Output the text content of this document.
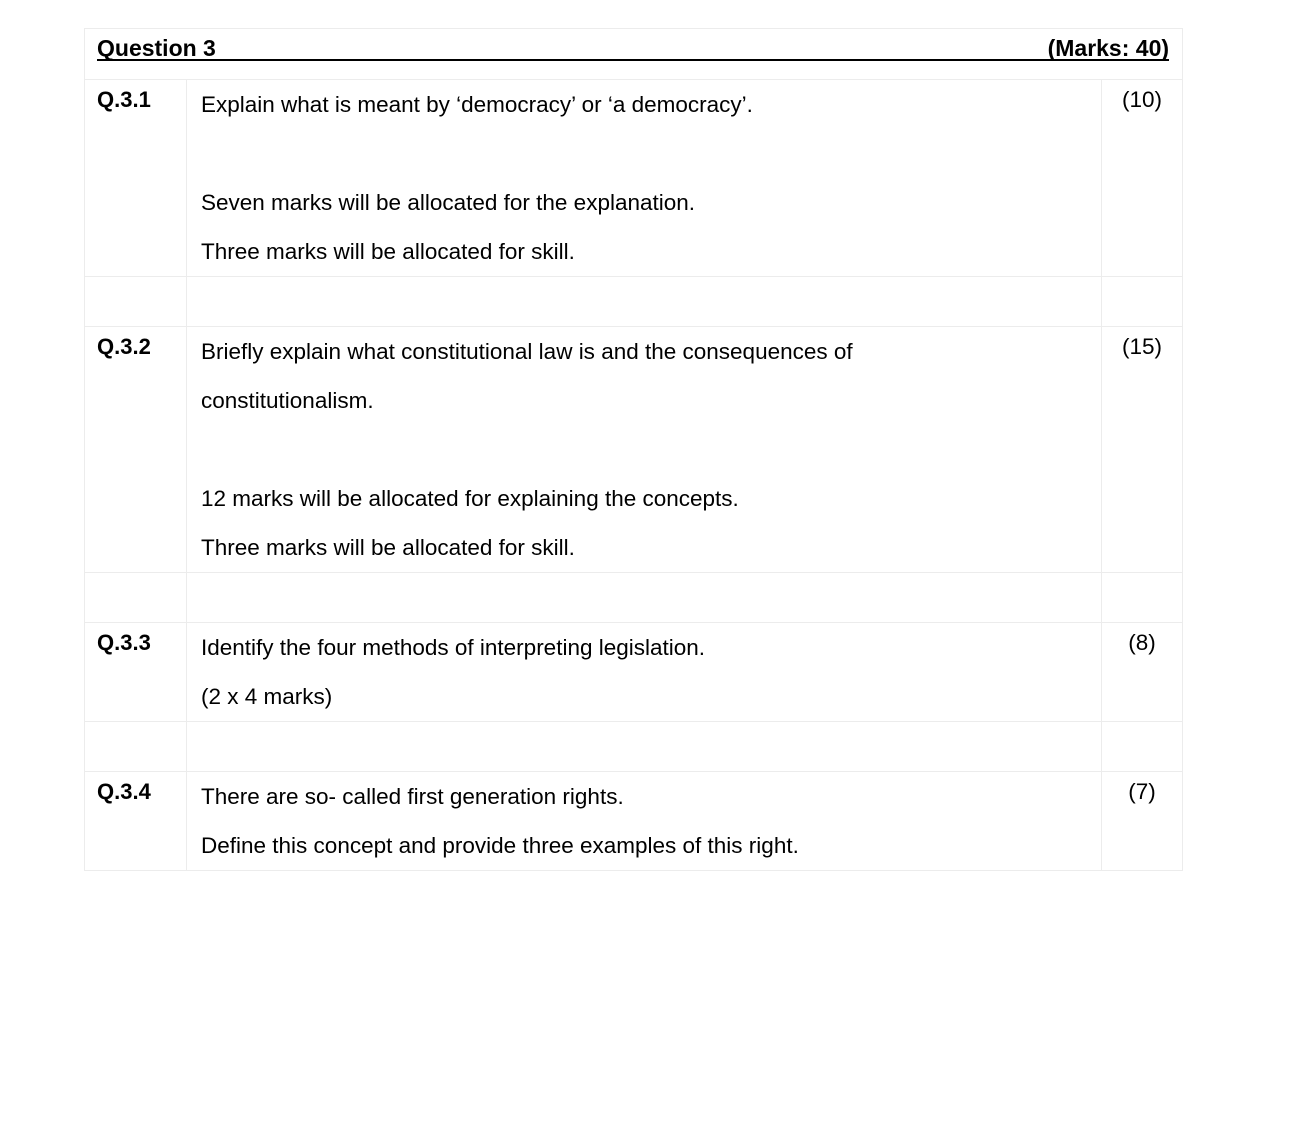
Question 3 (Marks: 40)		

Q.3.1	Explain what is meant by ‘democracy’ or ‘a democracy’.
Seven marks will be allocated for the explanation.
Three marks will be allocated for skill.	(10)

Q.3.2	Briefly explain what constitutional law is and the consequences of
constitutionalism.
12 marks will be allocated for explaining the concepts.
Three marks will be allocated for skill.	(15)

Q.3.3	Identify the four methods of interpreting legislation.
(2 x 4 marks)	(8)

Q.3.4	There are so- called first generation rights.
Define this concept and provide three examples of this right.	(7)
